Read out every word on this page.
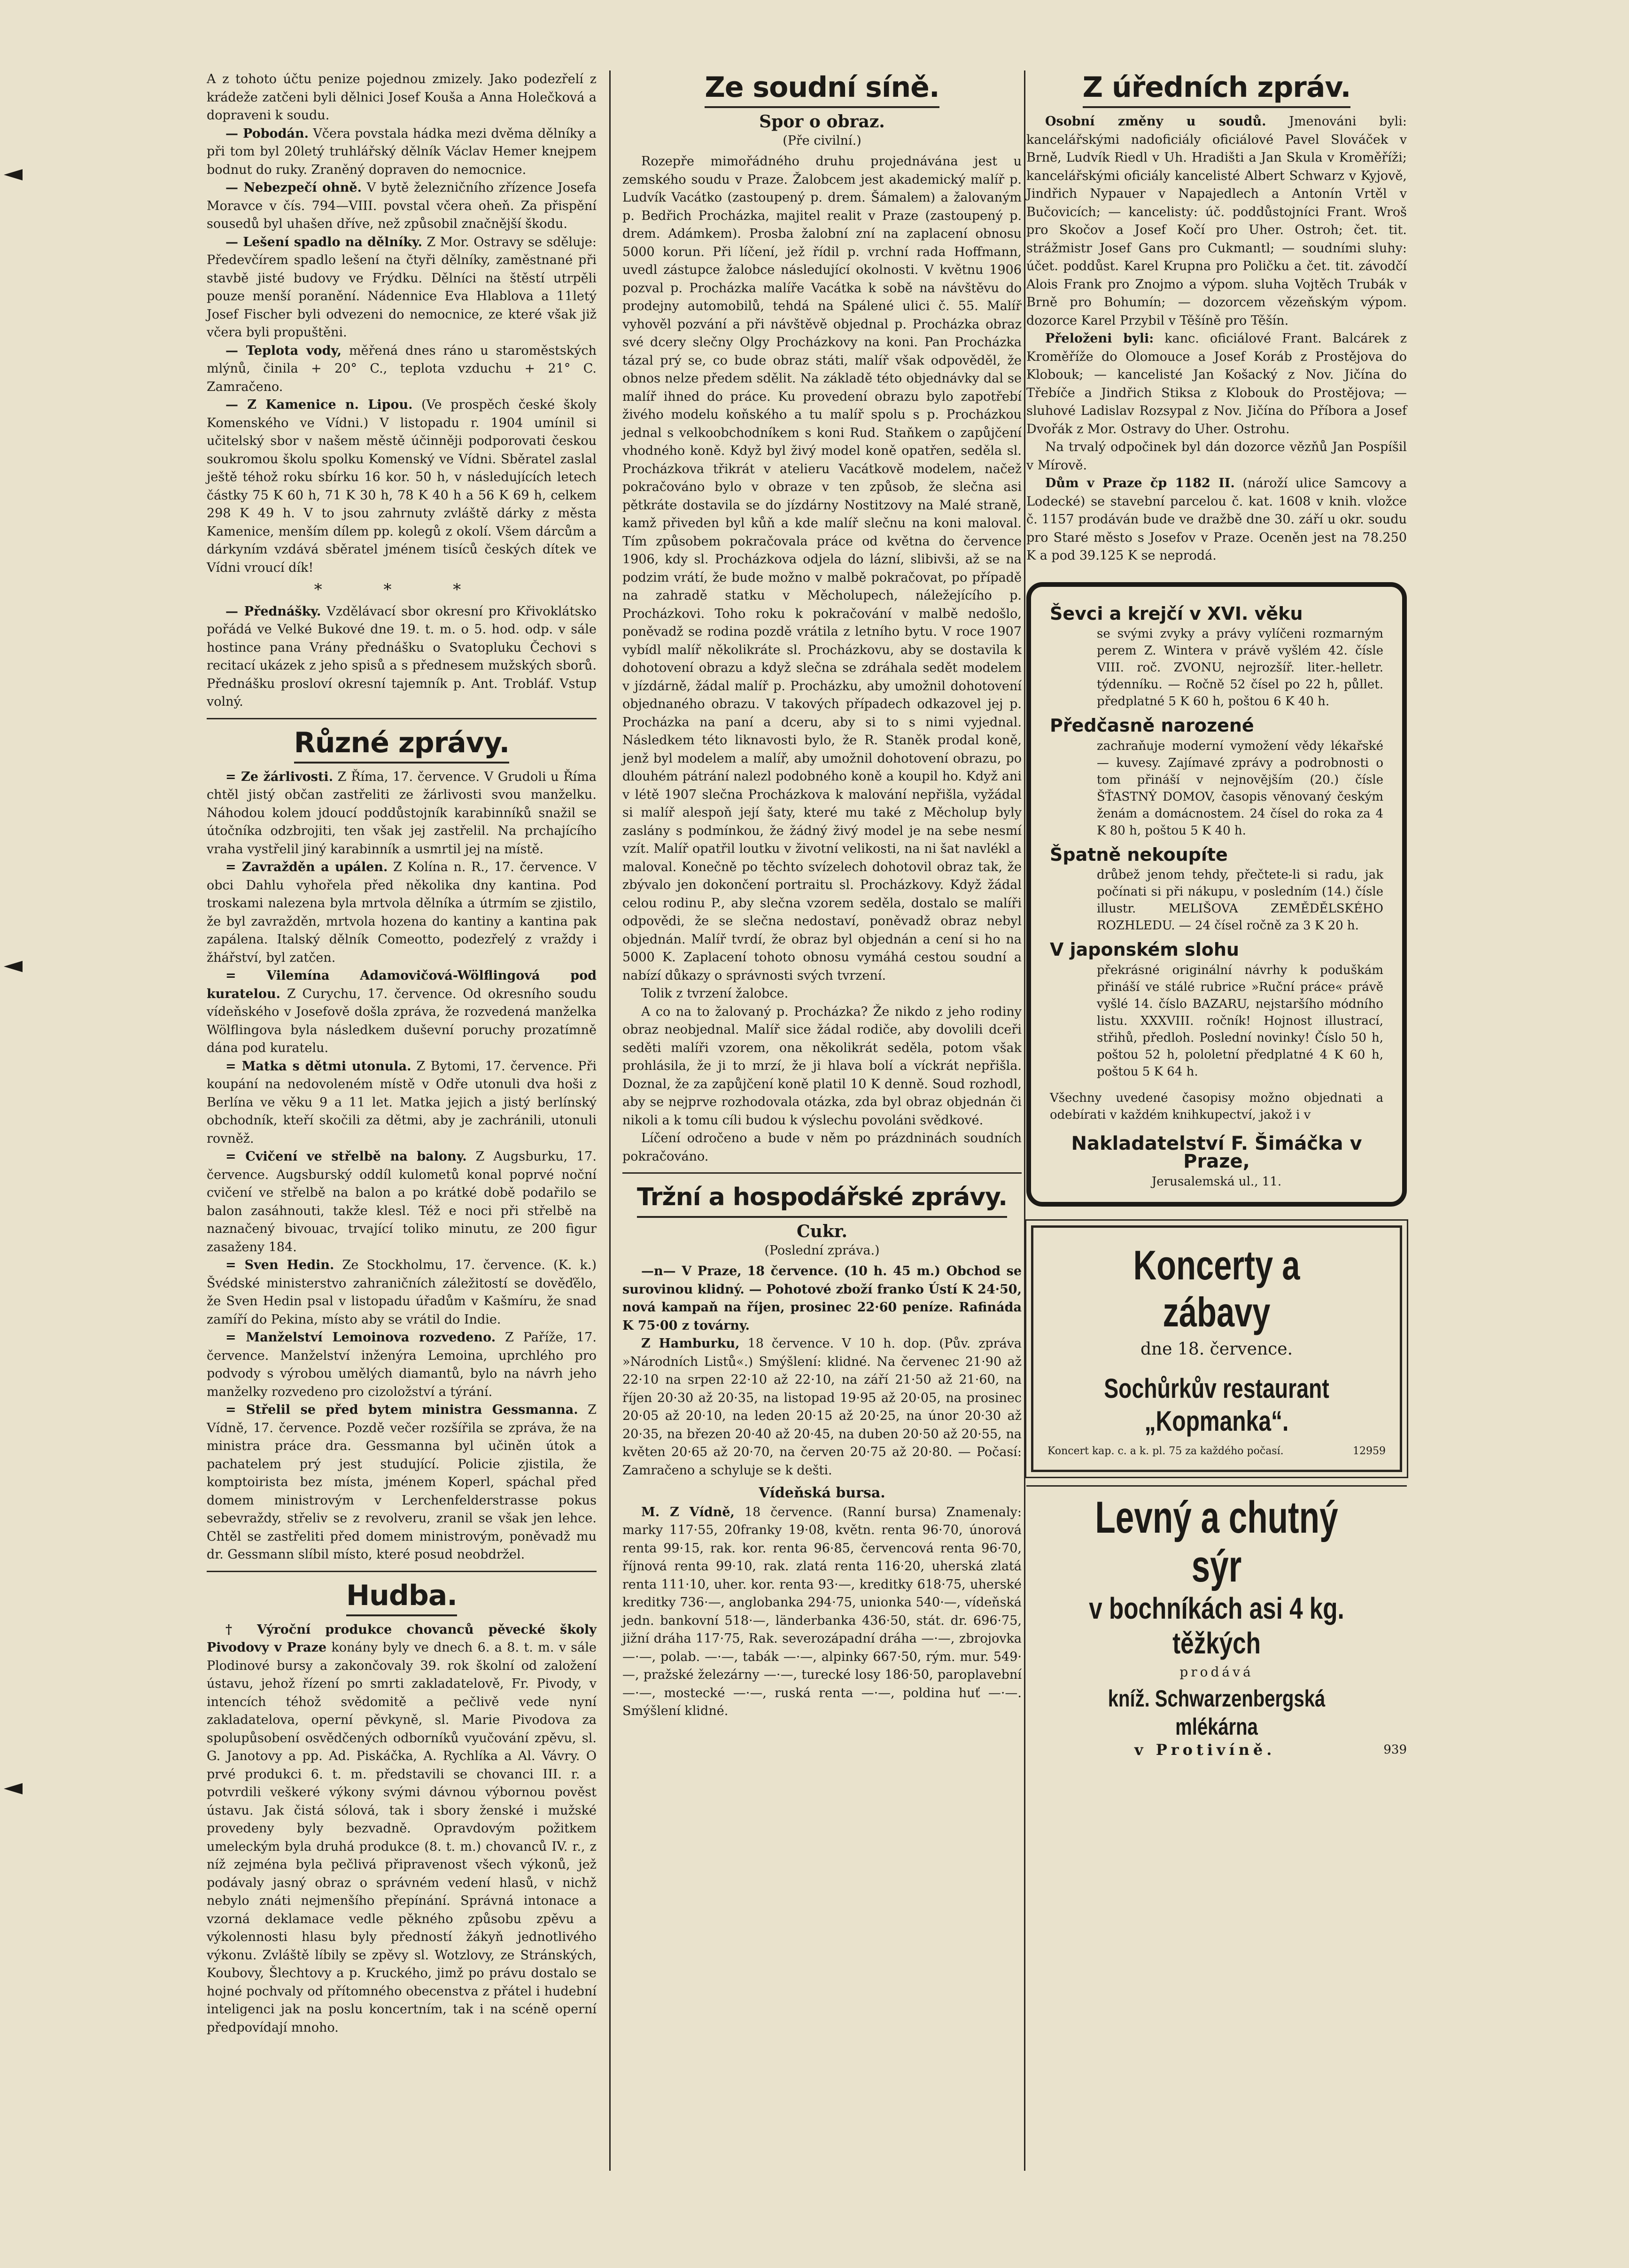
A z tohoto účtu penize pojednou zmizely. Jako podezřelí z krádeže zatčeni byli dělnici Josef Kouša a Anna Holečková a dopraveni k soudu.

— Pobodán. Včera povstala hádka mezi dvěma dělníky a při tom byl 20letý truhlářský dělník Václav Hemer knejpem bodnut do ruky. Zraněný dopraven do nemocnice.

— Nebezpečí ohně. V bytě železničního zřízence Josefa Moravce v čís. 794—VIII. povstal včera oheň. Za přispění sousedů byl uhašen dříve, než způsobil značnější škodu.

— Lešení spadlo na dělníky. Z Mor. Ostravy se sděluje: Předevčírem spadlo lešení na čtyři dělníky, zaměstnané při stavbě jisté budovy ve Frýdku. Dělníci na štěstí utrpěli pouze menší poranění. Nádennice Eva Hlablova a 11letý Josef Fischer byli odvezeni do nemocnice, ze které však již včera byli propuštěni.

— Teplota vody, měřená dnes ráno u staroměstských mlýnů, činila + 20° C., teplota vzduchu + 21° C. Zamračeno.

— Z Kamenice n. Lipou. (Ve prospěch české školy Komenského ve Vídni.) V listopadu r. 1904 umínil si učitelský sbor v našem městě účinněji podporovati českou soukromou školu spolku Komenský ve Vídni. Sběratel zaslal ještě téhož roku sbírku 16 kor. 50 h, v následujících letech částky 75 K 60 h, 71 K 30 h, 78 K 40 h a 56 K 69 h, celkem 298 K 49 h. V to jsou zahrnuty zvláště dárky z města Kamenice, menším dílem pp. kolegů z okolí. Všem dárcům a dárkyním vzdává sběratel jménem tisíců českých dítek ve Vídni vroucí dík!

* * *

— Přednášky. Vzdělávací sbor okresní pro Křivoklátsko pořádá ve Velké Bukové dne 19. t. m. o 5. hod. odp. v sále hostince pana Vrány přednášku o Svatopluku Čechovi s recitací ukázek z jeho spisů a s přednesem mužských sborů. Přednášku prosloví okresní tajemník p. Ant. Trobláf. Vstup volný.

Různé zprávy.

= Ze žárlivosti. Z Říma, 17. července. V Grudoli u Říma chtěl jistý občan zastřeliti ze žárlivosti svou manželku. Náhodou kolem jdoucí poddůstojník karabinníků snažil se útočníka odzbrojiti, ten však jej zastřelil. Na prchajícího vraha vystřelil jiný karabinník a usmrtil jej na místě.

= Zavražděn a upálen. Z Kolína n. R., 17. července. V obci Dahlu vyhořela před několika dny kantina. Pod troskami nalezena byla mrtvola dělníka a útrmím se zjistilo, že byl zavražděn, mrtvola hozena do kantiny a kantina pak zapálena. Italský dělník Comeotto, podezřelý z vraždy i žhářství, byl zatčen.

= Vilemína Adamovičová-Wölflingová pod kuratelou. Z Curychu, 17. července. Od okresního soudu vídeňského v Josefově došla zpráva, že rozvedená manželka Wölflingova byla následkem duševní poruchy prozatímně dána pod kuratelu.

= Matka s dětmi utonula. Z Bytomi, 17. července. Při koupání na nedovoleném místě v Odře utonuli dva hoši z Berlína ve věku 9 a 11 let. Matka jejich a jistý berlínský obchodník, kteří skočili za dětmi, aby je zachránili, utonuli rovněž.

= Cvičení ve střelbě na balony. Z Augsburku, 17. července. Augsburský oddíl kulometů konal poprvé noční cvičení ve střelbě na balon a po krátké době podařilo se balon zasáhnouti, takže klesl. Též e noci při střelbě na naznačený bivouac, trvající toliko minutu, ze 200 figur zasaženy 184.

= Sven Hedin. Ze Stockholmu, 17. července. (K. k.) Švédské ministerstvo zahraničních záležitostí se dověďělo, že Sven Hedin psal v listopadu úřadům v Kašmíru, že snad zamíří do Pekina, místo aby se vrátil do Indie.

= Manželství Lemoinova rozvedeno. Z Paříže, 17. července. Manželství inženýra Lemoina, uprchlého pro podvody s výrobou umělých diamantů, bylo na návrh jeho manželky rozvedeno pro cizoložství a týrání.

= Střelil se před bytem ministra Gessmanna. Z Vídně, 17. července. Pozdě večer rozšířila se zpráva, že na ministra práce dra. Gessmanna byl učiněn útok a pachatelem prý jest studující. Policie zjistila, že komptoirista bez místa, jménem Koperl, spáchal před domem ministrovým v Lerchenfelderstrasse pokus sebevraždy, střeliv se z revolveru, zranil se však jen lehce. Chtěl se zastřeliti před domem ministrovým, poněvadž mu dr. Gessmann slíbil místo, které posud neobdržel.

Hudba.

† Výroční produkce chovanců pěvecké školy Pivodovy v Praze konány byly ve dnech 6. a 8. t. m. v sále Plodinové bursy a zakončovaly 39. rok školní od založení ústavu, jehož řízení po smrti zakladatelově, Fr. Pivody, v intencích téhož svědomitě a pečlivě vede nyní zakladatelova, operní pěvkyně, sl. Marie Pivodova za spolupůsobení osvědčených odborníků vyučování zpěvu, sl. G. Janotovy a pp. Ad. Piskáčka, A. Rychlíka a Al. Vávry. O prvé produkci 6. t. m. představili se chovanci III. r. a potvrdili veškeré výkony svými dávnou výbornou pověst ústavu. Jak čistá sólová, tak i sbory ženské i mužské provedeny byly bezvadně. Opravdovým požitkem umeleckým byla druhá produkce (8. t. m.) chovanců IV. r., z níž zejména byla pečlivá připravenost všech výkonů, jež podávaly jasný obraz o správném vedení hlasů, v nichž nebylo znáti nejmenšího přepínání. Správná intonace a vzorná deklamace vedle pěkného způsobu zpěvu a výkolennosti hlasu byly předností žákyň jednotlivého výkonu. Zvláště líbily se zpěvy sl. Wotzlovy, ze Stránských, Koubovy, Šlechtovy a p. Kruckého, jimž po právu dostalo se hojné pochvaly od přítomného obecenstva z přátel i hudební inteligenci jak na poslu koncertním, tak i na scéně operní předpovídají mnoho.

Ze soudní síně.
Spor o obraz.
(Pře civilní.)

Rozepře mimořádného druhu projednávána jest u zemského soudu v Praze. Žalobcem jest akademický malíř p. Ludvík Vacátko (zastoupený p. drem. Šámalem) a žalovaným p. Bedřich Procházka, majitel realit v Praze (zastoupený p. drem. Adámkem). Prosba žalobní zní na zaplacení obnosu 5000 korun. Při líčení, jež řídil p. vrchní rada Hoffmann, uvedl zástupce žalobce následující okolnosti. V květnu 1906 pozval p. Procházka malíře Vacátka k sobě na návštěvu do prodejny automobilů, tehdá na Spálené ulici č. 55. Malíř vyhověl pozvání a při návštěvě objednal p. Procházka obraz své dcery slečny Olgy Procházkovy na koni. Pan Procházka tázal prý se, co bude obraz státi, malíř však odpověděl, že obnos nelze předem sdělit. Na základě této objednávky dal se malíř ihned do práce. Ku provedení obrazu bylo zapotřebí živého modelu koňského a tu malíř spolu s p. Procházkou jednal s velkoobchodníkem s koni Rud. Staňkem o zapůjčení vhodného koně. Když byl živý model koně opatřen, seděla sl. Procházkova třikrát v atelieru Vacátkově modelem, načež pokračováno bylo v obraze v ten způsob, že slečna asi pětkráte dostavila se do jízdárny Nostitzovy na Malé straně, kamž přiveden byl kůň a kde malíř slečnu na koni maloval. Tím způsobem pokračovala práce od května do července 1906, kdy sl. Procházkova odjela do lázní, slibivši, až se na podzim vrátí, že bude možno v malbě pokračovat, po případě na zahradě statku v Měcholupech, náležejícího p. Procházkovi. Toho roku k pokračování v malbě nedošlo, poněvadž se rodina pozdě vrátila z letního bytu. V roce 1907 vybídl malíř několikráte sl. Procházkovu, aby se dostavila k dohotovení obrazu a když slečna se zdráhala sedět modelem v jízdárně, žádal malíř p. Procházku, aby umožnil dohotovení objednaného obrazu. V takových případech odkazovel jej p. Procházka na paní a dceru, aby si to s nimi vyjednal. Následkem této liknavosti bylo, že R. Staněk prodal koně, jenž byl modelem a malíř, aby umožnil dohotovení obrazu, po dlouhém pátrání nalezl podobného koně a koupil ho. Když ani v létě 1907 slečna Procházkova k malování nepřišla, vyžádal si malíř alespoň její šaty, které mu také z Měcholup byly zaslány s podmínkou, že žádný živý model je na sebe nesmí vzít. Malíř opatřil loutku v životní velikosti, na ni šat navlékl a maloval. Konečně po těchto svízelech dohotovil obraz tak, že zbývalo jen dokončení portraitu sl. Procházkovy. Když žádal celou rodinu P., aby slečna vzorem seděla, dostalo se malíři odpovědi, že se slečna nedostaví, poněvadž obraz nebyl objednán. Malíř tvrdí, že obraz byl objednán a cení si ho na 5000 K. Zaplacení tohoto obnosu vymáhá cestou soudní a nabízí důkazy o správnosti svých tvrzení.

Tolik z tvrzení žalobce.

A co na to žalovaný p. Procházka? Že nikdo z jeho rodiny obraz neobjednal. Malíř sice žádal rodiče, aby dovolili dceři seděti malíři vzorem, ona několikrát seděla, potom však prohlásila, že ji to mrzí, že ji hlava bolí a víckrát nepřišla. Doznal, že za zapůjčení koně platil 10 K denně. Soud rozhodl, aby se nejprve rozhodovala otázka, zda byl obraz objednán či nikoli a k tomu cíli budou k výslechu povoláni svědkové.

Líčení odročeno a bude v něm po prázdninách soudních pokračováno.

Tržní a hospodářské zprávy.
Cukr.
(Poslední zpráva.)

—n— V Praze, 18 července. (10 h. 45 m.) Obchod se surovinou klidný. — Pohotové zboží franko Ústí K 24·50, nová kampaň na říjen, prosinec 22·60 peníze. Rafináda K 75·00 z továrny.

Z Hamburku, 18 července. V 10 h. dop. (Pův. zpráva »Národních Listů«.) Smýšlení: klidné. Na červenec 21·90 až 22·10 na srpen 22·10 až 22·10, na září 21·50 až 21·60, na říjen 20·30 až 20·35, na listopad 19·95 až 20·05, na prosinec 20·05 až 20·10, na leden 20·15 až 20·25, na únor 20·30 až 20·35, na březen 20·40 až 20·45, na duben 20·50 až 20·55, na květen 20·65 až 20·70, na červen 20·75 až 20·80. — Počasí: Zamračeno a schyluje se k dešti.

Vídeňská bursa.

M. Z Vídně, 18 července. (Ranní bursa) Znamenaly: marky 117·55, 20franky 19·08, květn. renta 96·70, únorová renta 99·15, rak. kor. renta 96·85, červencová renta 96·70, říjnová renta 99·10, rak. zlatá renta 116·20, uherská zlatá renta 111·10, uher. kor. renta 93·—, kreditky 618·75, uherské kreditky 736·—, anglobanka 294·75, unionka 540·—, vídeňská jedn. bankovní 518·—, länderbanka 436·50, stát. dr. 696·75, jižní dráha 117·75, Rak. severozápadní dráha —·—, zbrojovka —·—, polab. —·—, tabák —·—, alpinky 667·50, rým. mur. 549·—, pražské železárny —·—, turecké losy 186·50, paroplavební —·—, mostecké —·—, ruská renta —·—, poldina huť —·—. Smýšlení klidné.

Z úředních zpráv.

Osobní změny u soudů. Jmenováni byli: kancelářskými nadoficiály oficiálové Pavel Slováček v Brně, Ludvík Riedl v Uh. Hradišti a Jan Skula v Kroměříži; kancelářskými oficiály kancelisté Albert Schwarz v Kyjově, Jindřich Nypauer v Napajedlech a Antonín Vrtěl v Bučovicích; — kancelisty: úč. poddůstojníci Frant. Wroš pro Skočov a Josef Kočí pro Uher. Ostroh; čet. tit. strážmistr Josef Gans pro Cukmantl; — soudními sluhy: účet. poddůst. Karel Krupna pro Poličku a čet. tit. závodčí Alois Frank pro Znojmo a výpom. sluha Vojtěch Trubák v Brně pro Bohumín; — dozorcem vězeňským výpom. dozorce Karel Przybil v Těšíně pro Těšín.

Přeloženi byli: kanc. oficiálové Frant. Balcárek z Kroměříže do Olomouce a Josef Koráb z Prostějova do Klobouk; — kancelisté Jan Košacký z Nov. Jičína do Třebíče a Jindřich Stiksa z Klobouk do Prostějova; — sluhové Ladislav Rozsypal z Nov. Jičína do Příbora a Josef Dvořák z Mor. Ostravy do Uher. Ostrohu.

Na trvalý odpočinek byl dán dozorce vězňů Jan Pospíšil v Mírově.

Dům v Praze čp 1182 II. (nároží ulice Samcovy a Lodecké) se stavební parcelou č. kat. 1608 v knih. vložce č. 1157 prodáván bude ve dražbě dne 30. září u okr. soudu pro Staré město s Josefov v Praze. Oceněn jest na 78.250 K a pod 39.125 K se neprodá.

Ševci a krejčí v XVI. věku

se svými zvyky a právy vylíčeni rozmarným perem Z. Wintera v právě vyšlém 42. čísle VIII. roč. ZVONU, nejrozšíř. liter.-helletr. týdenníku. — Ročně 52 čísel po 22 h, půllet. předplatné 5 K 60 h, poštou 6 K 40 h.

Předčasně narozené

zachraňuje moderní vymožení vědy lékařské — kuvesy. Zajímavé zprávy a podrobnosti o tom přináší v nejnovějším (20.) čísle ŠŤASTNÝ DOMOV, časopis věnovaný českým ženám a domácnostem. 24 čísel do roka za 4 K 80 h, poštou 5 K 40 h.

Špatně nekoupíte

drůbež jenom tehdy, přečtete-li si radu, jak počínati si při nákupu, v posledním (14.) čísle illustr. MELIŠOVA ZEMĚDĚLSKÉHO ROZHLEDU. — 24 čísel ročně za 3 K 20 h.

V japonském slohu

překrásné originální návrhy k poduškám přináší ve stálé rubrice »Ruční práce« právě vyšlé 14. číslo BAZARU, nejstaršího módního listu. XXXVIII. ročník! Hojnost illustrací, střihů, předloh. Poslední novinky! Číslo 50 h, poštou 52 h, pololetní předplatné 4 K 60 h, poštou 5 K 64 h.

Všechny uvedené časopisy možno objednati a odebírati v každém knihkupectví, jakož i v

Nakladatelství F. Šimáčka v Praze,
Jerusalemská ul., 11.
Koncerty a zábavy
dne 18. července.
Sochůrkův restaurant
„Kopmanka“.
Koncert kap. c. a k. pl. 75 za každého počasí.	12959
Levný a chutný sýr
v bochníkách asi 4 kg. těžkých
prodává
kníž. Schwarzenbergská mlékárna
v Protivíně.	939
